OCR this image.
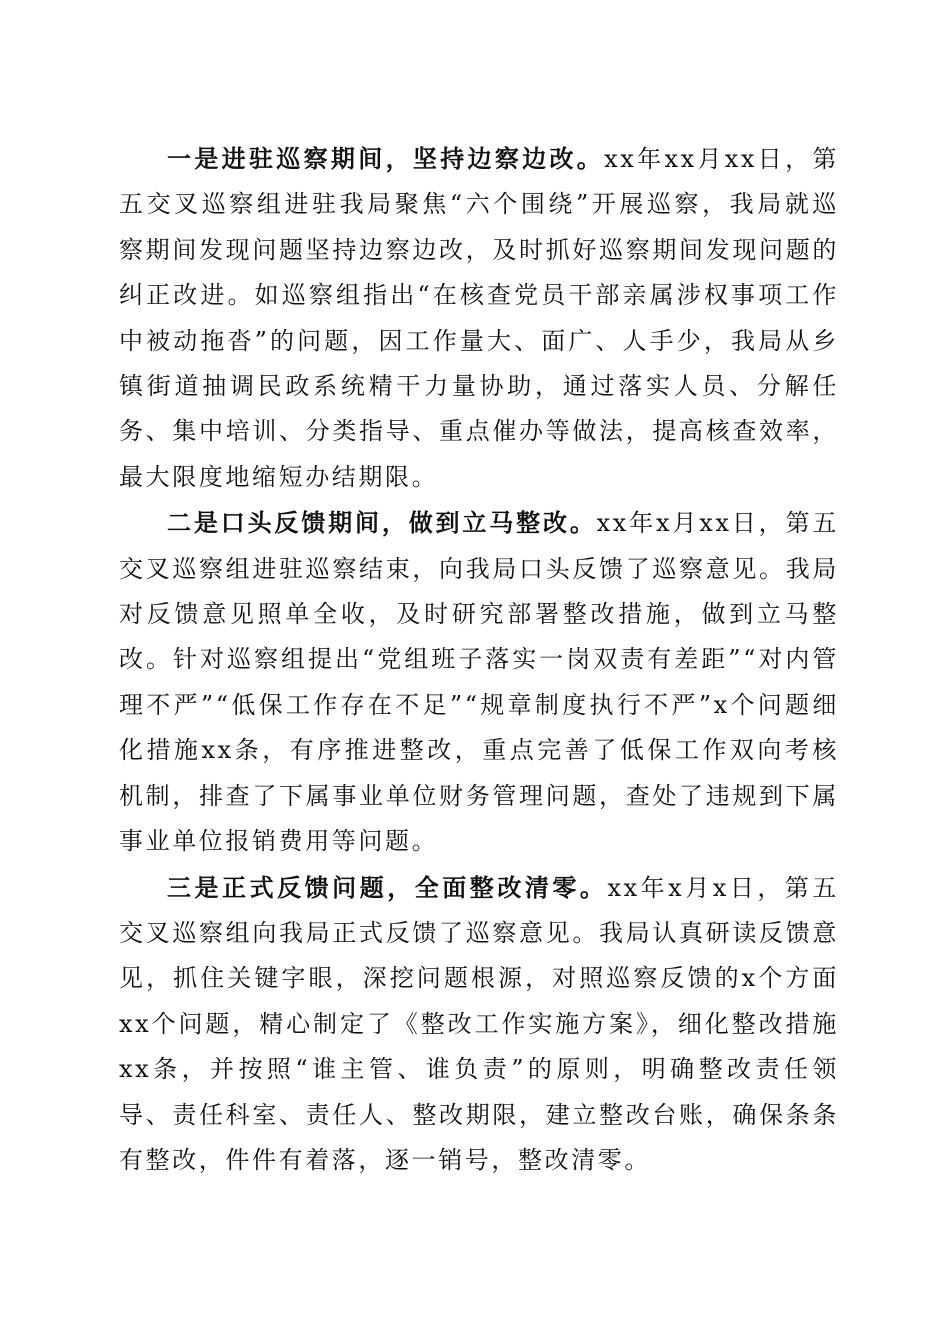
一是进驻巡察期间，坚持边察边改。xx年xx月xx日，第五交叉巡察组进驻我局聚焦“六个围绕”开展巡察，我局就巡察期间发现问题坚持边察边改，及时抓好巡察期间发现问题的纠正改进。如巡察组指出“在核查党员干部亲属涉权事项工作中被动拖沓”的问题，因工作量大、面广、人手少，我局从乡镇街道抽调民政系统精干力量协助，通过落实人员、分解任务、集中培训、分类指导、重点催办等做法，提高核查效率，最大限度地缩短办结期限。

二是口头反馈期间，做到立马整改。xx年x月xx日，第五交叉巡察组进驻巡察结束，向我局口头反馈了巡察意见。我局对反馈意见照单全收，及时研究部署整改措施，做到立马整改。针对巡察组提出“党组班子落实一岗双责有差距”“对内管理不严”“低保工作存在不足”“规章制度执行不严”x个问题细化措施xx条，有序推进整改，重点完善了低保工作双向考核机制，排查了下属事业单位财务管理问题，查处了违规到下属事业单位报销费用等问题。

三是正式反馈问题，全面整改清零。xx年x月x日，第五交叉巡察组向我局正式反馈了巡察意见。我局认真研读反馈意见，抓住关键字眼，深挖问题根源，对照巡察反馈的x个方面xx个问题，精心制定了《整改工作实施方案》，细化整改措施xx条，并按照“谁主管、谁负责”的原则，明确整改责任领导、责任科室、责任人、整改期限，建立整改台账，确保条条有整改，件件有着落，逐一销号，整改清零。
